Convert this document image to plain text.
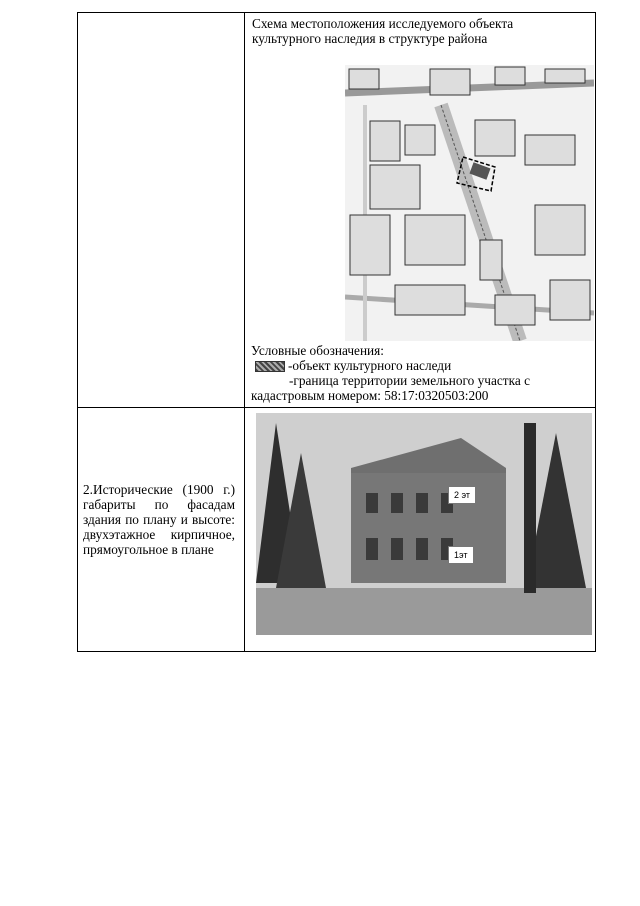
Схема местоположения исследуемого объекта культурного наследия в структуре района
Условные обозначения:
-объект культурного наследи
-граница территории земельного участка с
кадастровым номером: 58:17:0320503:200
2.Исторические (1900 г.) габариты по фасадам здания по плану и высоте: двухэтажное кирпичное, прямоугольное в плане
2 эт
1эт
